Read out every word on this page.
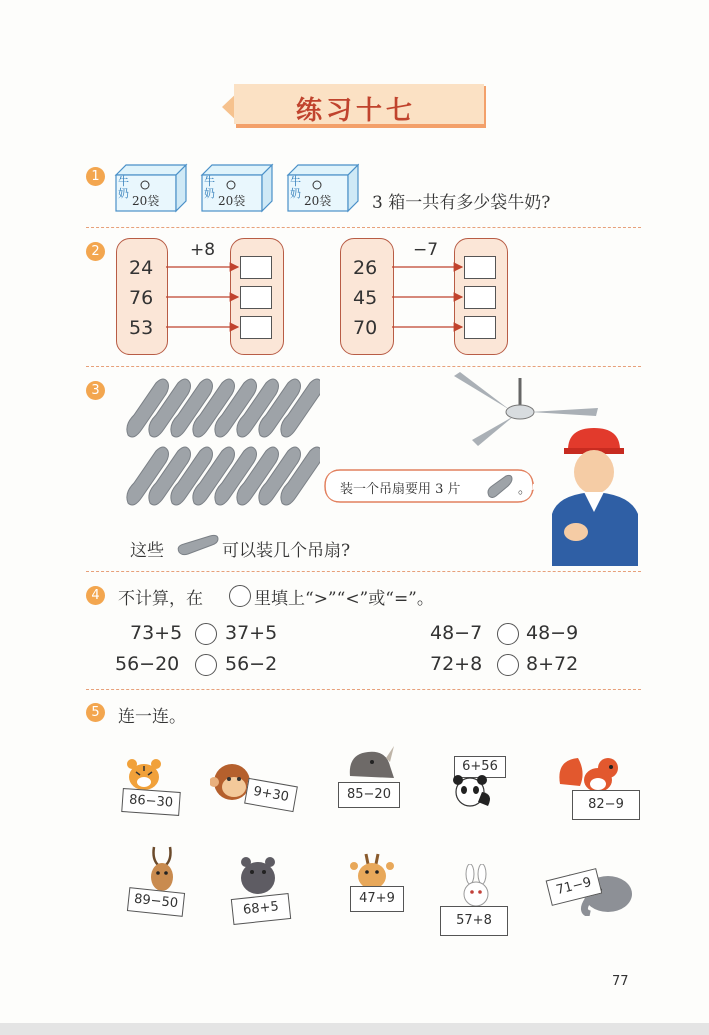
练习十七
1	牛
奶
20袋
牛
奶
20袋
牛
奶
20袋 3 箱一共有多少袋牛奶?
2	+8	−7
24
76
53
26
45
70
3
装一个吊扇要用 3 片	。
这些	可以装几个吊扇?
4	不计算，在	里填上“>”“<”或“=”。
73+5 37+5	48−7 48−9
56−20 56−2	72+8 8+72
5	连一连。
86−30	9+30	85−20
6+56
82−9
89−50	68+5
47+9
57+8
71−9
77
